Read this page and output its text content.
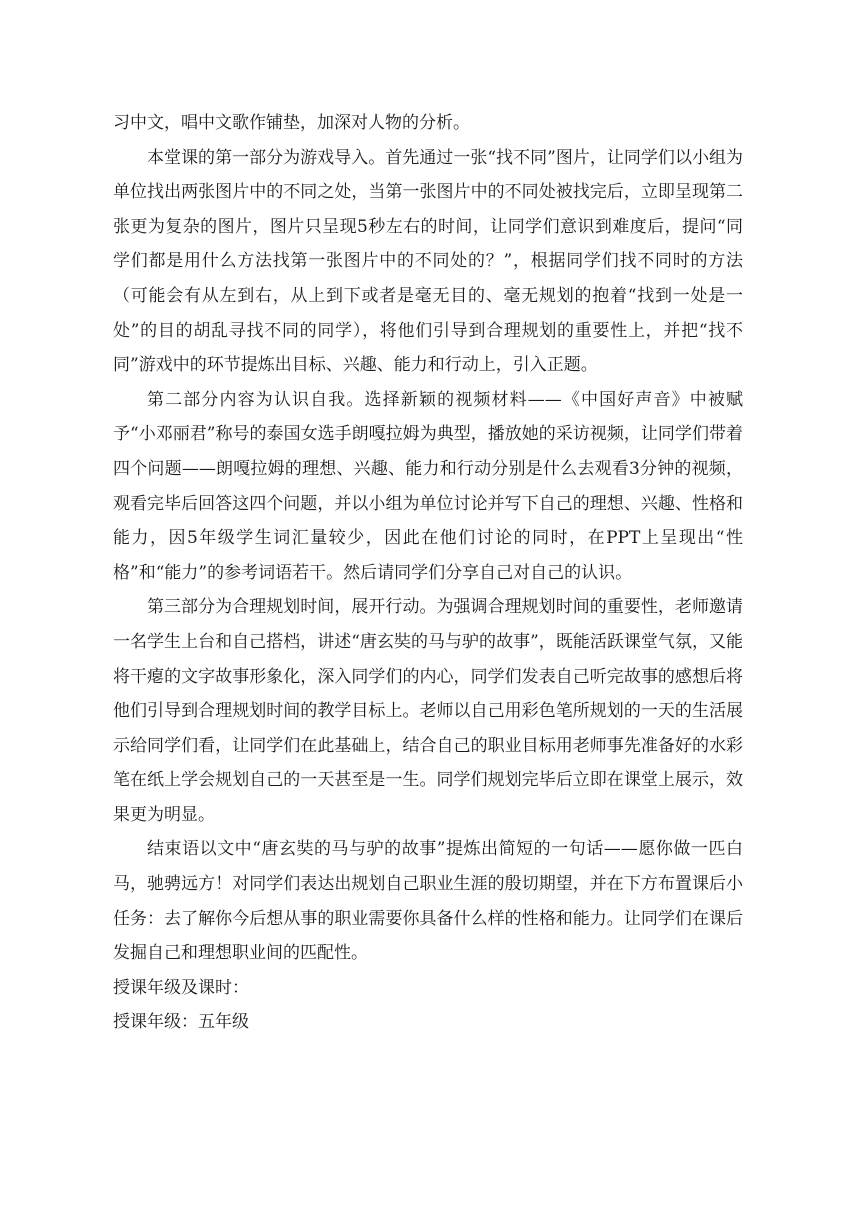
习中文，唱中文歌作铺垫，加深对人物的分析。

本堂课的第一部分为游戏导入。首先通过一张“找不同”图片，让同学们以小组为单位找出两张图片中的不同之处，当第一张图片中的不同处被找完后，立即呈现第二张更为复杂的图片，图片只呈现5秒左右的时间，让同学们意识到难度后，提问“同学们都是用什么方法找第一张图片中的不同处的？”，根据同学们找不同时的方法（可能会有从左到右，从上到下或者是毫无目的、毫无规划的抱着“找到一处是一处”的目的胡乱寻找不同的同学），将他们引导到合理规划的重要性上，并把“找不同”游戏中的环节提炼出目标、兴趣、能力和行动上，引入正题。

第二部分内容为认识自我。选择新颖的视频材料——《中国好声音》中被赋予“小邓丽君”称号的泰国女选手朗嘎拉姆为典型，播放她的采访视频，让同学们带着四个问题——朗嘎拉姆的理想、兴趣、能力和行动分别是什么去观看3分钟的视频，观看完毕后回答这四个问题，并以小组为单位讨论并写下自己的理想、兴趣、性格和能力，因5年级学生词汇量较少，因此在他们讨论的同时，在PPT上呈现出“性格”和“能力”的参考词语若干。然后请同学们分享自己对自己的认识。

第三部分为合理规划时间，展开行动。为强调合理规划时间的重要性，老师邀请一名学生上台和自己搭档，讲述“唐玄奘的马与驴的故事”，既能活跃课堂气氛，又能将干瘪的文字故事形象化，深入同学们的内心，同学们发表自己听完故事的感想后将他们引导到合理规划时间的教学目标上。老师以自己用彩色笔所规划的一天的生活展示给同学们看，让同学们在此基础上，结合自己的职业目标用老师事先准备好的水彩笔在纸上学会规划自己的一天甚至是一生。同学们规划完毕后立即在课堂上展示，效果更为明显。

结束语以文中“唐玄奘的马与驴的故事”提炼出简短的一句话——愿你做一匹白马，驰骋远方！对同学们表达出规划自己职业生涯的殷切期望，并在下方布置课后小任务：去了解你今后想从事的职业需要你具备什么样的性格和能力。让同学们在课后发掘自己和理想职业间的匹配性。

授课年级及课时：

授课年级：五年级
